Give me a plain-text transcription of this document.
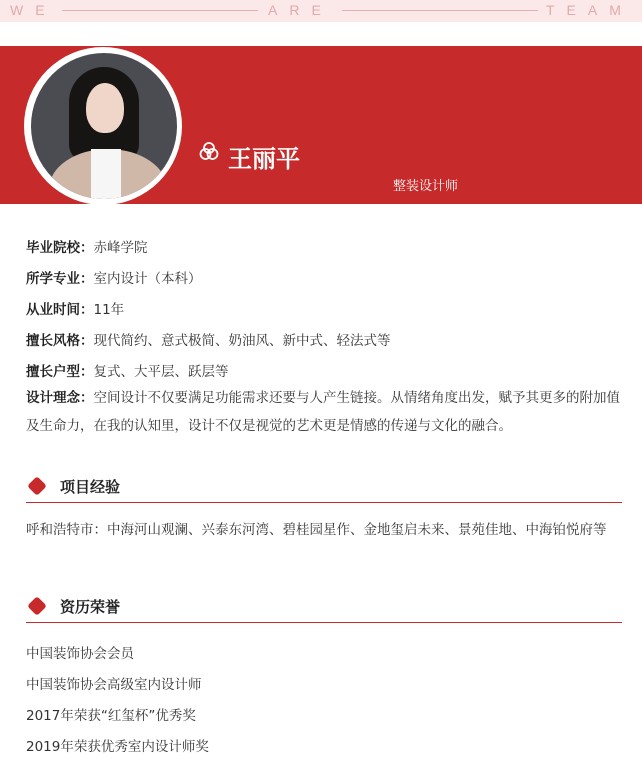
WE	ARE	TEAM
王丽平
整装设计师
毕业院校：赤峰学院
所学专业：室内设计（本科）
从业时间：11年
擅长风格：现代简约、意式极简、奶油风、新中式、轻法式等
擅长户型：复式、大平层、跃层等
设计理念：空间设计不仅要满足功能需求还要与人产生链接。从情绪角度出发，赋予其更多的附加值及生命力，在我的认知里，设计不仅是视觉的艺术更是情感的传递与文化的融合。
项目经验
呼和浩特市：中海河山观澜、兴泰东河湾、碧桂园星作、金地玺启未来、景苑佳地、中海铂悦府等
资历荣誉
中国装饰协会会员
中国装饰协会高级室内设计师
2017年荣获“红玺杯”优秀奖
2019年荣获优秀室内设计师奖
